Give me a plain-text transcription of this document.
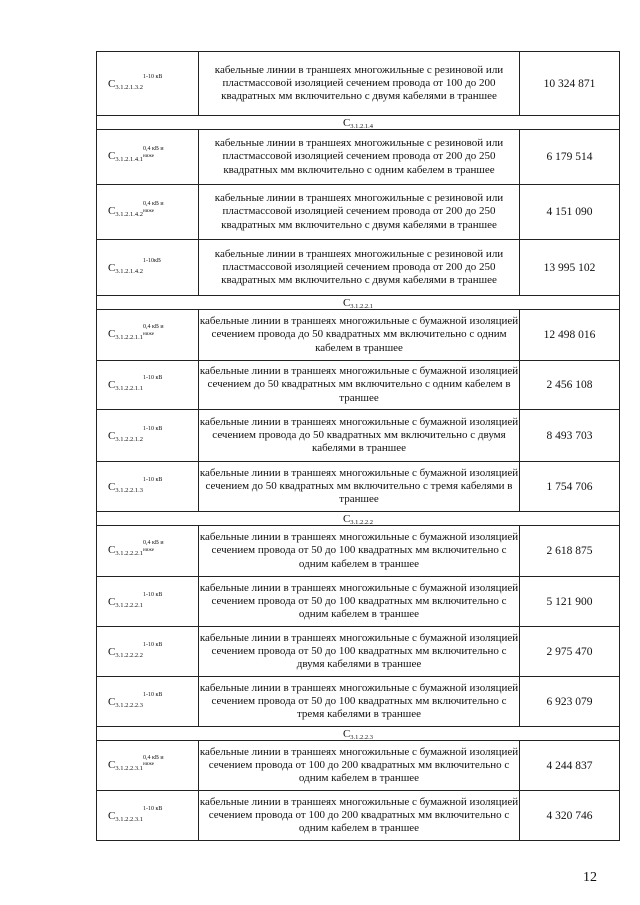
С3.1.2.1.3.21-10 кВ	кабельные линии в траншеях многожильные с резиновой или пластмассовой изоляцией сечением провода от 100 до 200 квадратных мм включительно с двумя кабелями в траншее	10 324 871
С3.1.2.1.4		
С3.1.2.1.4.10,4 кВ и
ниже	кабельные линии в траншеях многожильные с резиновой или пластмассовой изоляцией сечением провода от 200 до 250 квадратных мм включительно с одним кабелем в траншее	6 179 514
С3.1.2.1.4.20,4 кВ и
ниже	кабельные линии в траншеях многожильные с резиновой или пластмассовой изоляцией сечением провода от 200 до 250 квадратных мм включительно с двумя кабелями в траншее	4 151 090
С3.1.2.1.4.21-10кВ	кабельные линии в траншеях многожильные с резиновой или пластмассовой изоляцией сечением провода от 200 до 250 квадратных мм включительно с двумя кабелями в траншее	13 995 102
С3.1.2.2.1		
С3.1.2.2.1.10,4 кВ и
ниже	кабельные линии в траншеях многожильные с бумажной изоляцией сечением провода до 50 квадратных мм включительно с одним кабелем в траншее	12 498 016
С3.1.2.2.1.11-10 кВ	кабельные линии в траншеях многожильные с бумажной изоляцией сечением до 50 квадратных мм включительно с одним кабелем в траншее	2 456 108
С3.1.2.2.1.21-10 кВ	кабельные линии в траншеях многожильные с бумажной изоляцией сечением провода до 50 квадратных мм включительно с двумя кабелями в траншее	8 493 703
С3.1.2.2.1.31-10 кВ	кабельные линии в траншеях многожильные с бумажной изоляцией сечением до 50 квадратных мм включительно с тремя кабелями в траншее	1 754 706
С3.1.2.2.2		
С3.1.2.2.2.10,4 кВ и
ниже	кабельные линии в траншеях многожильные с бумажной изоляцией сечением провода от 50 до 100 квадратных мм включительно с одним кабелем в траншее	2 618 875
С3.1.2.2.2.11-10 кВ	кабельные линии в траншеях многожильные с бумажной изоляцией сечением провода от 50 до 100 квадратных мм включительно с одним кабелем в траншее	5 121 900
С3.1.2.2.2.21-10 кВ	кабельные линии в траншеях многожильные с бумажной изоляцией сечением провода от 50 до 100 квадратных мм включительно с двумя кабелями в траншее	2 975 470
С3.1.2.2.2.31-10 кВ	кабельные линии в траншеях многожильные с бумажной изоляцией сечением провода от 50 до 100 квадратных мм включительно с тремя кабелями в траншее	6 923 079
С3.1.2.2.3		
С3.1.2.2.3.10,4 кВ и
ниже	кабельные линии в траншеях многожильные с бумажной изоляцией сечением провода от 100 до 200 квадратных мм включительно с одним кабелем в траншее	4 244 837
С3.1.2.2.3.11-10 кВ	кабельные линии в траншеях многожильные с бумажной изоляцией сечением провода от 100 до 200 квадратных мм включительно с одним кабелем в траншее	4 320 746
12
